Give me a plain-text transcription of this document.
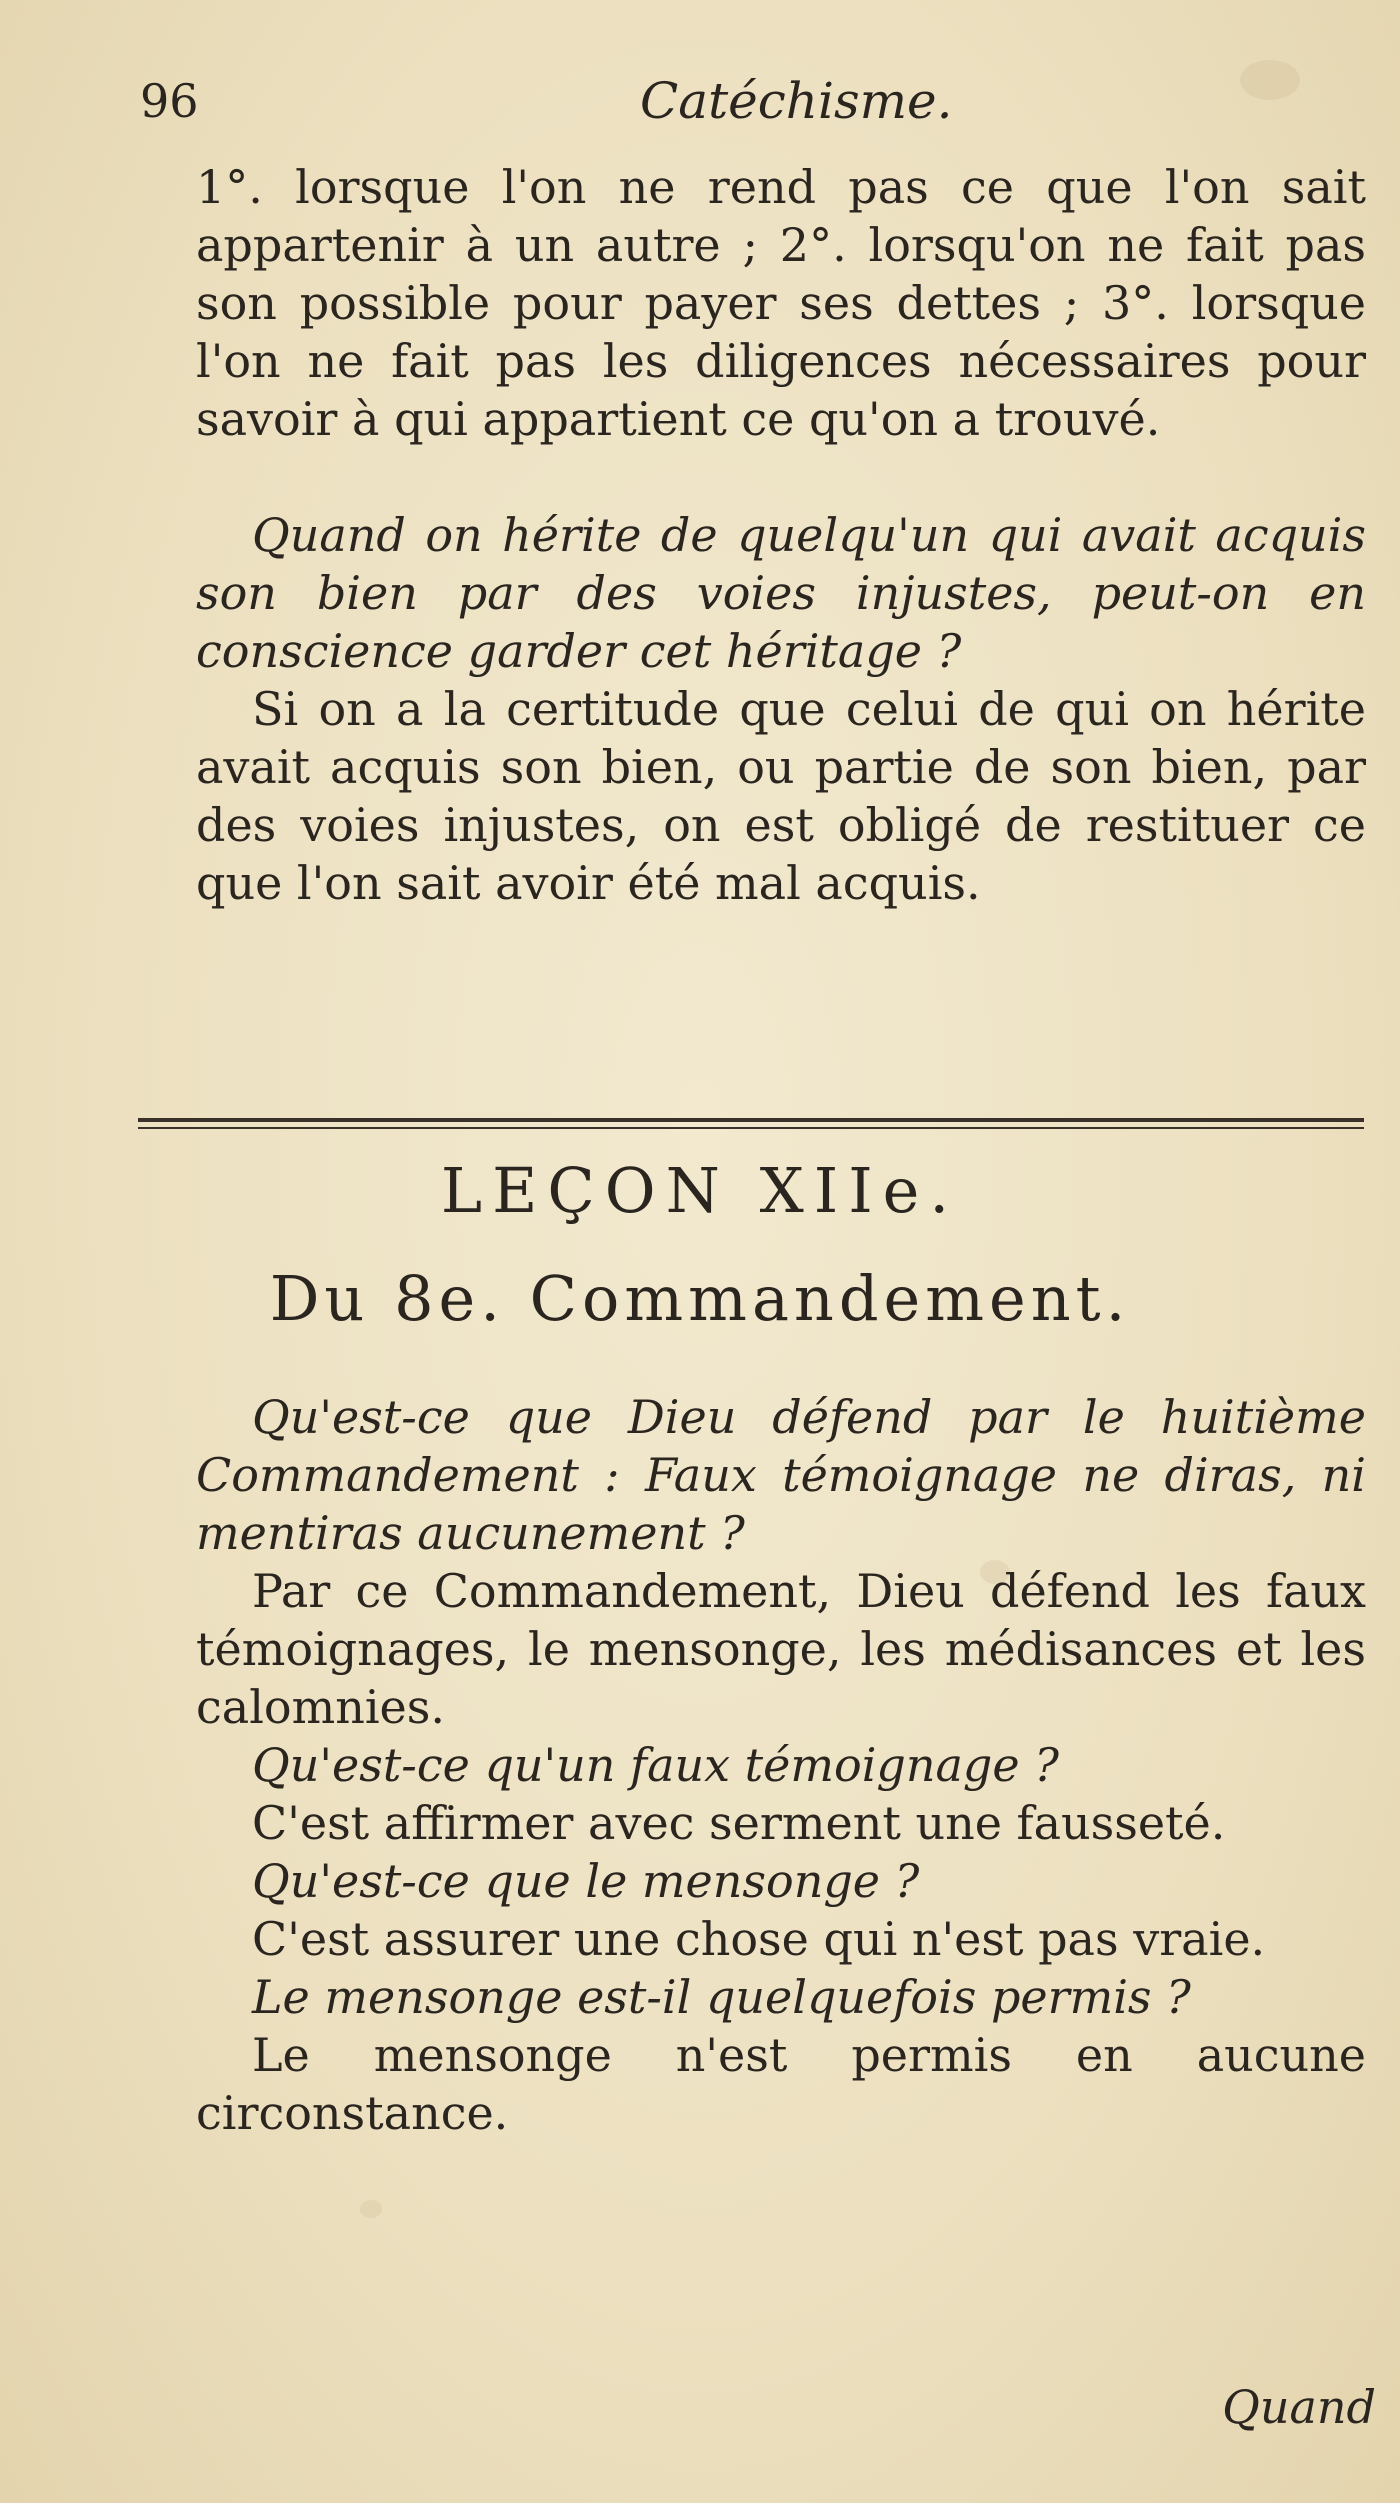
96	Catéchisme.
1°. lorsque l'on ne rend pas ce que l'on sait appartenir à un autre ; 2°. lorsqu'on ne fait pas son possible pour payer ses dettes ; 3°. lorsque l'on ne fait pas les diligences nécessaires pour savoir à qui appartient ce qu'on a trouvé.
Quand on hérite de quelqu'un qui avait acquis son bien par des voies injustes, peut-on en conscience garder cet héritage ?
Si on a la certitude que celui de qui on hérite avait acquis son bien, ou partie de son bien, par des voies injustes, on est obligé de restituer ce que l'on sait avoir été mal acquis.
LEÇON XIIe.
Du 8e. Commandement.
Qu'est-ce que Dieu défend par le huitième Commandement : Faux témoignage ne diras, ni mentiras aucunement ?
Par ce Commandement, Dieu défend les faux témoignages, le mensonge, les médisances et les calomnies.
Qu'est-ce qu'un faux témoignage ?
C'est affirmer avec serment une fausseté.
Qu'est-ce que le mensonge ?
C'est assurer une chose qui n'est pas vraie.
Le mensonge est-il quelquefois permis ?
Le mensonge n'est permis en aucune circonstance.
Quand
